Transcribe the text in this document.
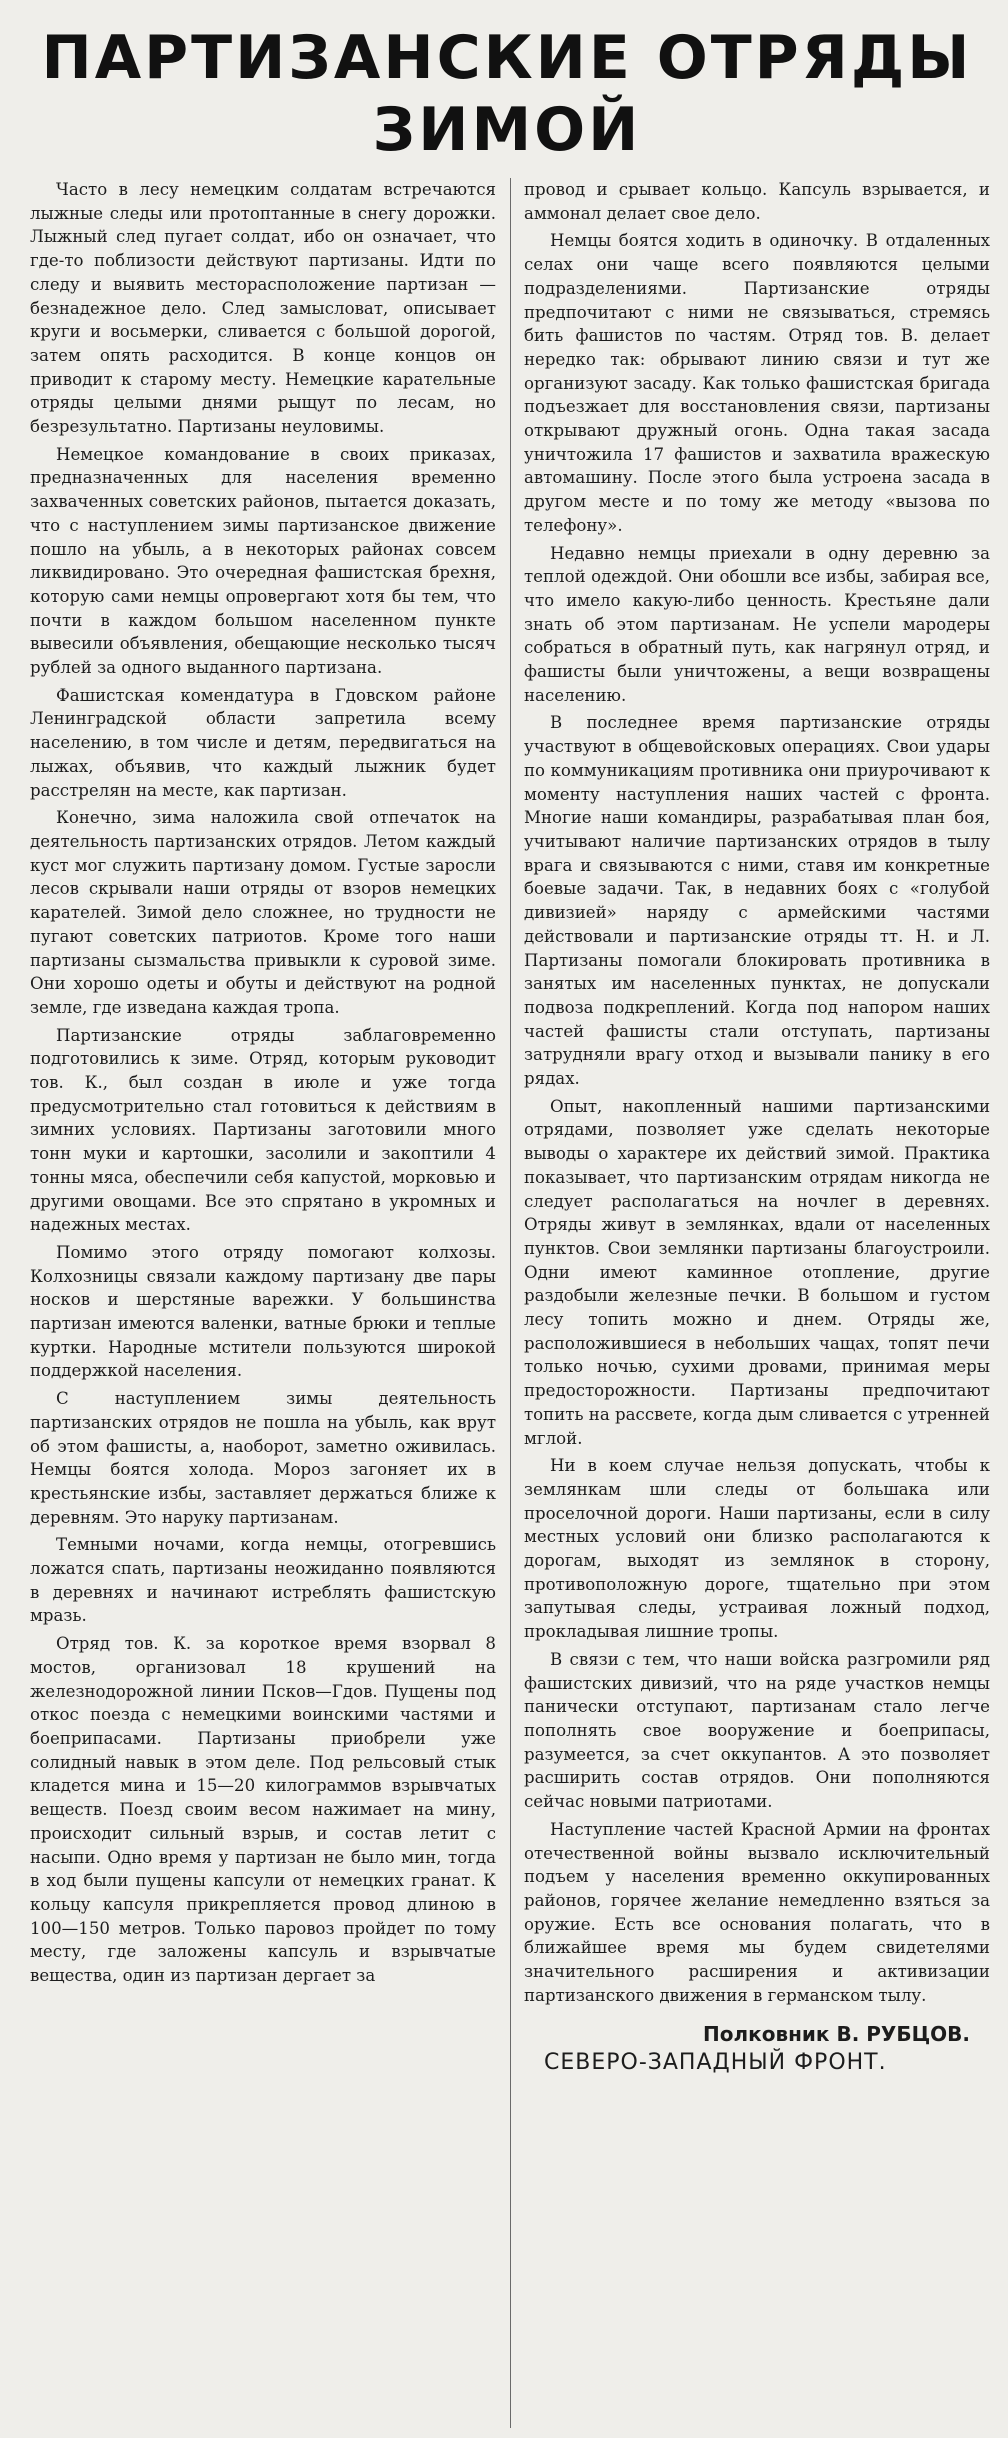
ПАРТИЗАНСКИЕ ОТРЯДЫ
ЗИМОЙ

Часто в лесу немецким солдатам встречаются лыжные следы или протоптанные в снегу дорожки. Лыжный след пугает солдат, ибо он означает, что где-то поблизости действуют партизаны. Идти по следу и выявить месторасположение партизан — безнадежное дело. След замысловат, описывает круги и восьмерки, сливается с большой дорогой, затем опять расходится. В конце концов он приводит к старому месту. Немецкие карательные отряды целыми днями рыщут по лесам, но безрезультатно. Партизаны неуловимы.

Немецкое командование в своих приказах, предназначенных для населения временно захваченных советских районов, пытается доказать, что с наступлением зимы партизанское движение пошло на убыль, а в некоторых районах совсем ликвидировано. Это очередная фашистская брехня, которую сами немцы опровергают хотя бы тем, что почти в каждом большом населенном пункте вывесили объявления, обещающие несколько тысяч рублей за одного выданного партизана.

Фашистская комендатура в Гдовском районе Ленинградской области запретила всему населению, в том числе и детям, передвигаться на лыжах, объявив, что каждый лыжник будет расстрелян на месте, как партизан.

Конечно, зима наложила свой отпечаток на деятельность партизанских отрядов. Летом каждый куст мог служить партизану домом. Густые заросли лесов скрывали наши отряды от взоров немецких карателей. Зимой дело сложнее, но трудности не пугают советских патриотов. Кроме того наши партизаны сызмальства привыкли к суровой зиме. Они хорошо одеты и обуты и действуют на родной земле, где изведана каждая тропа.

Партизанские отряды заблаговременно подготовились к зиме. Отряд, которым руководит тов. К., был создан в июле и уже тогда предусмотрительно стал готовиться к действиям в зимних условиях. Партизаны заготовили много тонн муки и картошки, засолили и закоптили 4 тонны мяса, обеспечили себя капустой, морковью и другими овощами. Все это спрятано в укромных и надежных местах.

Помимо этого отряду помогают колхозы. Колхозницы связали каждому партизану две пары носков и шерстяные варежки. У большинства партизан имеются валенки, ватные брюки и теплые куртки. Народные мстители пользуются широкой поддержкой населения.

С наступлением зимы деятельность партизанских отрядов не пошла на убыль, как врут об этом фашисты, а, наоборот, заметно оживилась. Немцы боятся холода. Мороз загоняет их в крестьянские избы, заставляет держаться ближе к деревням. Это наруку партизанам.

Темными ночами, когда немцы, отогревшись ложатся спать, партизаны неожиданно появляются в деревнях и начинают истреблять фашистскую мразь.

Отряд тов. К. за короткое время взорвал 8 мостов, организовал 18 крушений на железнодорожной линии Псков—Гдов. Пущены под откос поезда с немецкими воинскими частями и боеприпасами. Партизаны приобрели уже солидный навык в этом деле. Под рельсовый стык кладется мина и 15—20 килограммов взрывчатых веществ. Поезд своим весом нажимает на мину, происходит сильный взрыв, и состав летит с насыпи. Одно время у партизан не было мин, тогда в ход были пущены капсули от немецких гранат. К кольцу капсуля прикрепляется провод длиною в 100—150 метров. Только паровоз пройдет по тому месту, где заложены капсуль и взрывчатые вещества, один из партизан дергает за

провод и срывает кольцо. Капсуль взрывается, и аммонал делает свое дело.

Немцы боятся ходить в одиночку. В отдаленных селах они чаще всего появляются целыми подразделениями. Партизанские отряды предпочитают с ними не связываться, стремясь бить фашистов по частям. Отряд тов. В. делает нередко так: обрывают линию связи и тут же организуют засаду. Как только фашистская бригада подъезжает для восстановления связи, партизаны открывают дружный огонь. Одна такая засада уничтожила 17 фашистов и захватила вражескую автомашину. После этого была устроена засада в другом месте и по тому же методу «вызова по телефону».

Недавно немцы приехали в одну деревню за теплой одеждой. Они обошли все избы, забирая все, что имело какую-либо ценность. Крестьяне дали знать об этом партизанам. Не успели мародеры собраться в обратный путь, как нагрянул отряд, и фашисты были уничтожены, а вещи возвращены населению.

В последнее время партизанские отряды участвуют в общевойсковых операциях. Свои удары по коммуникациям противника они приурочивают к моменту наступления наших частей с фронта. Многие наши командиры, разрабатывая план боя, учитывают наличие партизанских отрядов в тылу врага и связываются с ними, ставя им конкретные боевые задачи. Так, в недавних боях с «голубой дивизией» наряду с армейскими частями действовали и партизанские отряды тт. Н. и Л. Партизаны помогали блокировать противника в занятых им населенных пунктах, не допускали подвоза подкреплений. Когда под напором наших частей фашисты стали отступать, партизаны затрудняли врагу отход и вызывали панику в его рядах.

Опыт, накопленный нашими партизанскими отрядами, позволяет уже сделать некоторые выводы о характере их действий зимой. Практика показывает, что партизанским отрядам никогда не следует располагаться на ночлег в деревнях. Отряды живут в землянках, вдали от населенных пунктов. Свои землянки партизаны благоустроили. Одни имеют каминное отопление, другие раздобыли железные печки. В большом и густом лесу топить можно и днем. Отряды же, расположившиеся в небольших чащах, топят печи только ночью, сухими дровами, принимая меры предосторожности. Партизаны предпочитают топить на рассвете, когда дым сливается с утренней мглой.

Ни в коем случае нельзя допускать, чтобы к землянкам шли следы от большака или проселочной дороги. Наши партизаны, если в силу местных условий они близко располагаются к дорогам, выходят из землянок в сторону, противоположную дороге, тщательно при этом запутывая следы, устраивая ложный подход, прокладывая лишние тропы.

В связи с тем, что наши войска разгромили ряд фашистских дивизий, что на ряде участков немцы панически отступают, партизанам стало легче пополнять свое вооружение и боеприпасы, разумеется, за счет оккупантов. А это позволяет расширить состав отрядов. Они пополняются сейчас новыми патриотами.

Наступление частей Красной Армии на фронтах отечественной войны вызвало исключительный подъем у населения временно оккупированных районов, горячее желание немедленно взяться за оружие. Есть все основания полагать, что в ближайшее время мы будем свидетелями значительного расширения и активизации партизанского движения в германском тылу.

Полковник В. РУБЦОВ.

СЕВЕРО-ЗАПАДНЫЙ ФРОНТ.
